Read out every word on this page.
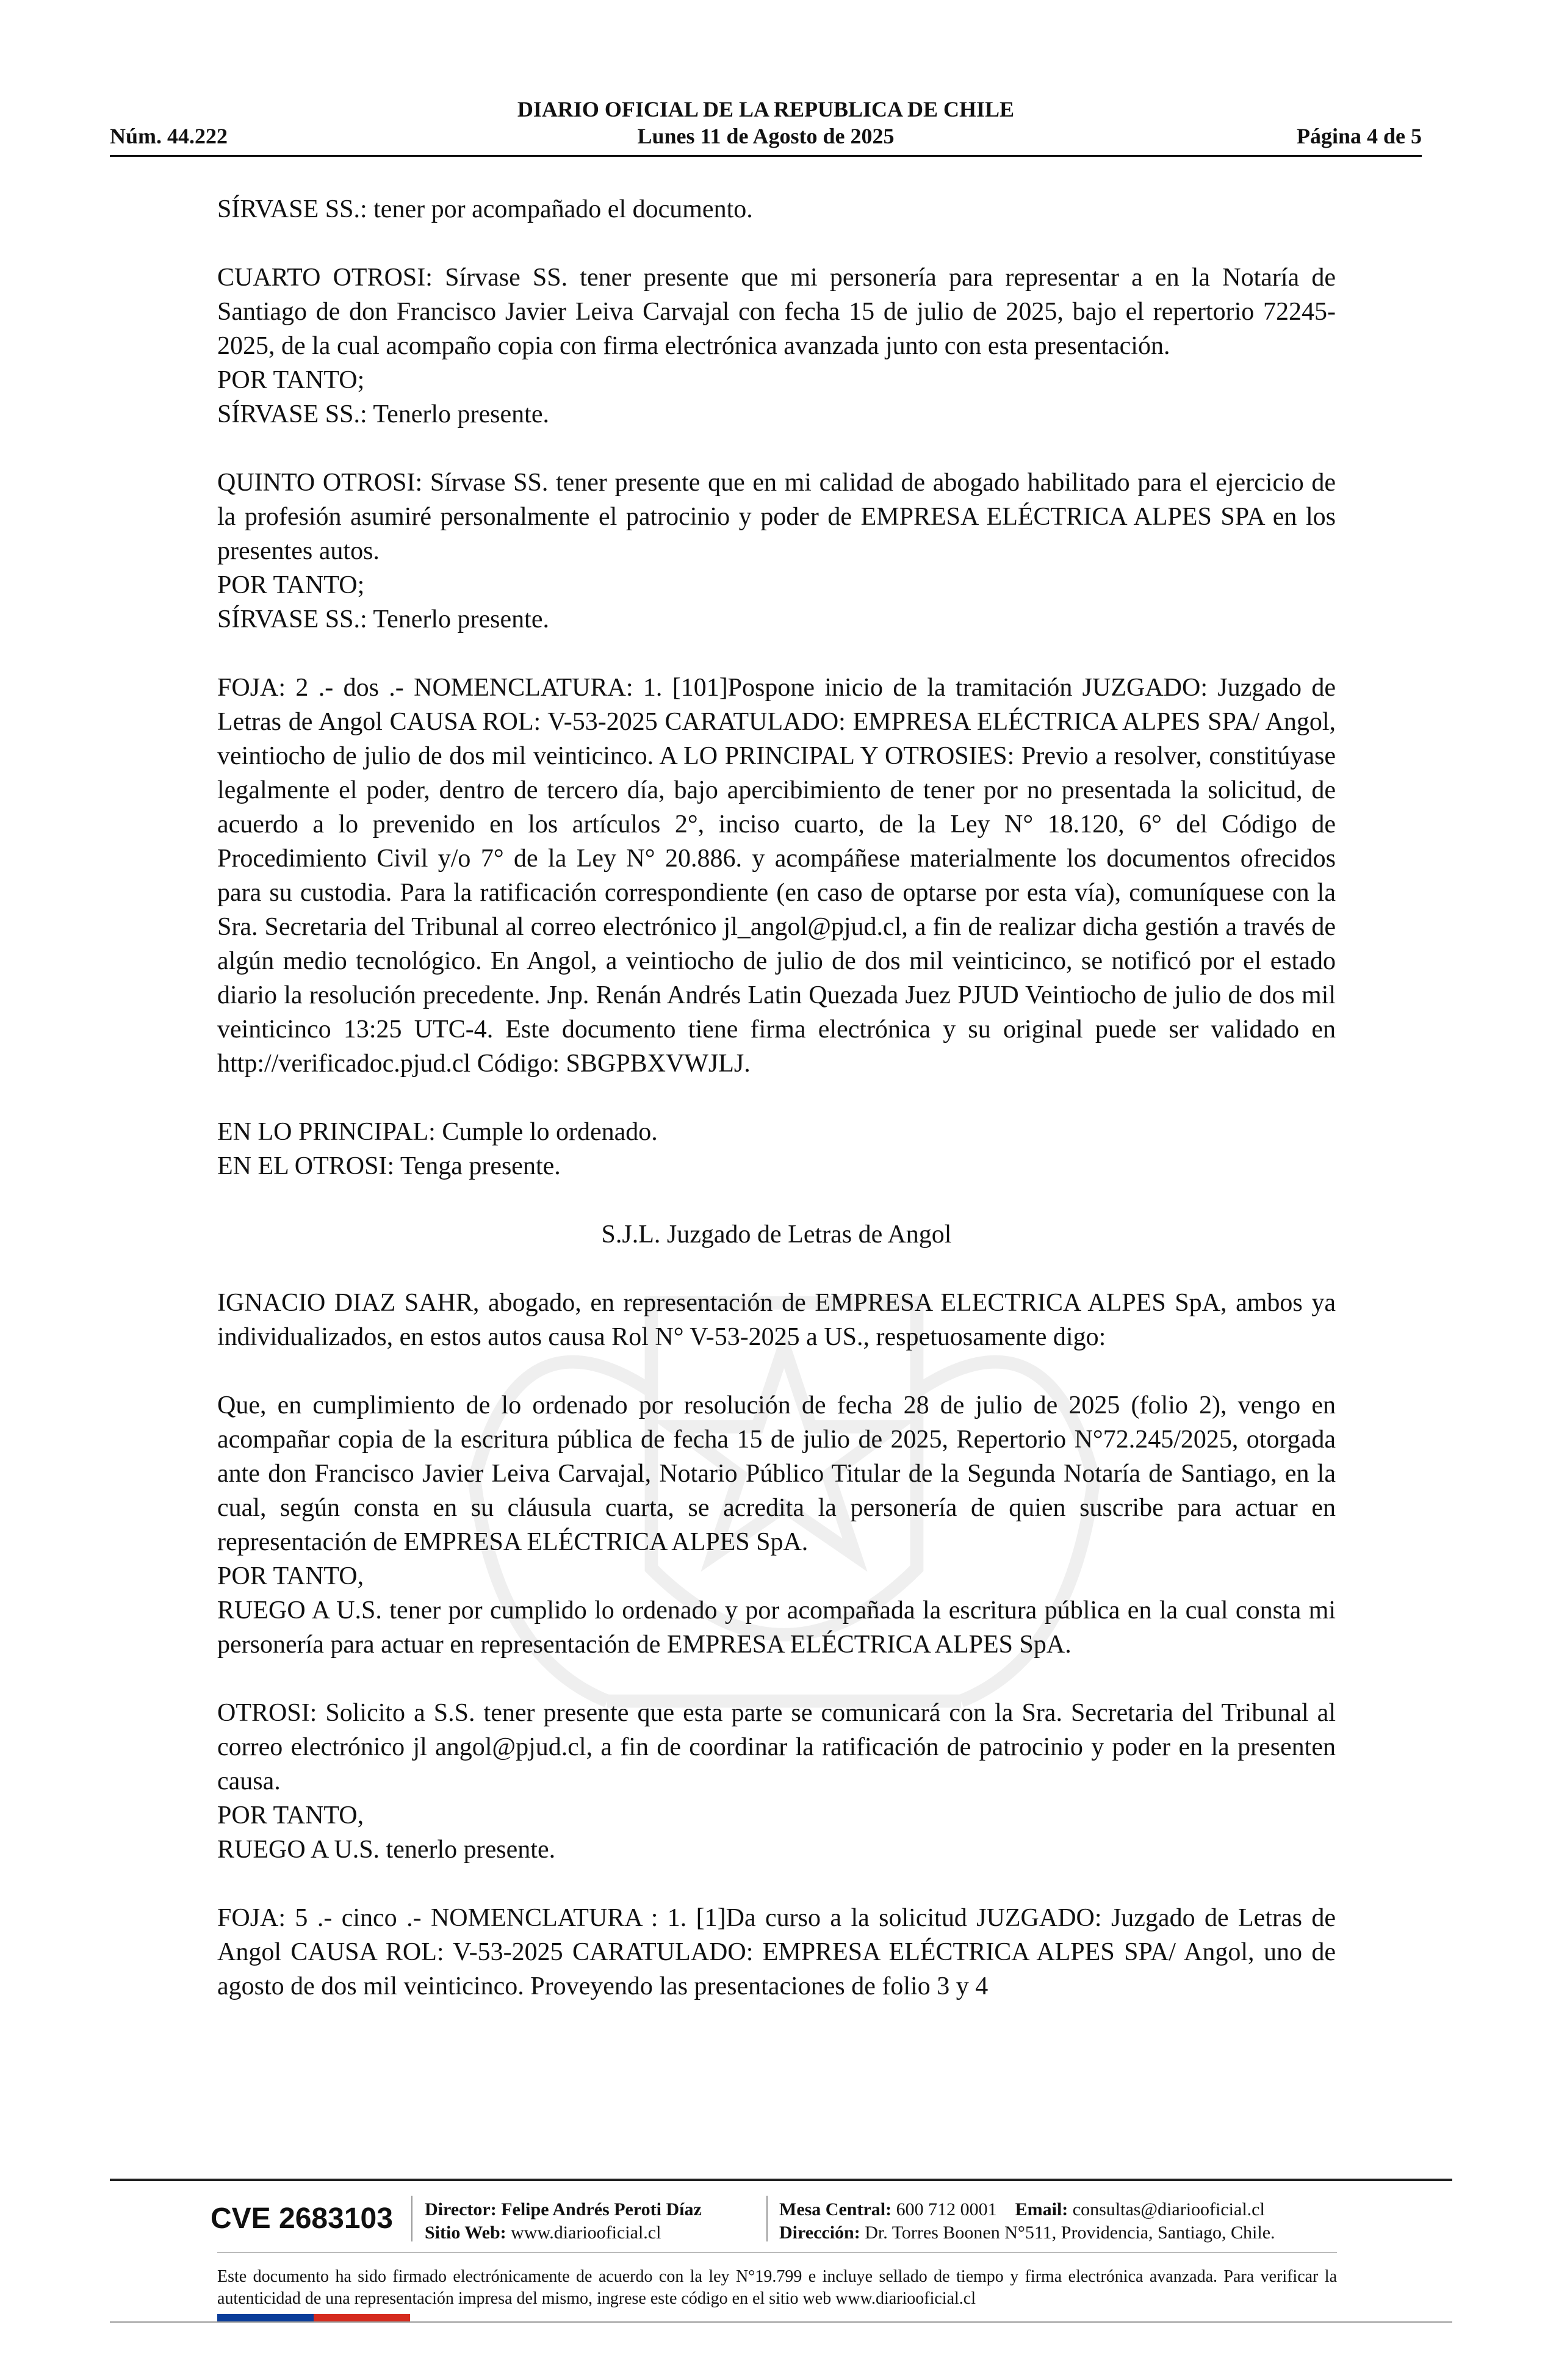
DIARIO OFICIAL DE LA REPUBLICA DE CHILE
Núm. 44.222	Lunes 11 de Agosto de 2025	Página 4 de 5

SÍRVASE SS.: tener por acompañado el documento.

CUARTO OTROSI: Sírvase SS. tener presente que mi personería para representar a en la Notaría de Santiago de don Francisco Javier Leiva Carvajal con fecha 15 de julio de 2025, bajo el repertorio 72245-2025, de la cual acompaño copia con firma electrónica avanzada junto con esta presentación.
POR TANTO;
SÍRVASE SS.: Tenerlo presente.

QUINTO OTROSI: Sírvase SS. tener presente que en mi calidad de abogado habilitado para el ejercicio de la profesión asumiré personalmente el patrocinio y poder de EMPRESA ELÉCTRICA ALPES SPA en los presentes autos.
POR TANTO;
SÍRVASE SS.: Tenerlo presente.

FOJA: 2 .- dos .- NOMENCLATURA: 1. [101]Pospone inicio de la tramitación JUZGADO: Juzgado de Letras de Angol CAUSA ROL: V-53-2025 CARATULADO: EMPRESA ELÉCTRICA ALPES SPA/ Angol, veintiocho de julio de dos mil veinticinco. A LO PRINCIPAL Y OTROSIES: Previo a resolver, constitúyase legalmente el poder, dentro de tercero día, bajo apercibimiento de tener por no presentada la solicitud, de acuerdo a lo prevenido en los artículos 2°, inciso cuarto, de la Ley N° 18.120, 6° del Código de Procedimiento Civil y/o 7° de la Ley N° 20.886. y acompáñese materialmente los documentos ofrecidos para su custodia. Para la ratificación correspondiente (en caso de optarse por esta vía), comuníquese con la Sra. Secretaria del Tribunal al correo electrónico jl_angol@pjud.cl, a fin de realizar dicha gestión a través de algún medio tecnológico. En Angol, a veintiocho de julio de dos mil veinticinco, se notificó por el estado diario la resolución precedente. Jnp. Renán Andrés Latin Quezada Juez PJUD Veintiocho de julio de dos mil veinticinco 13:25 UTC-4. Este documento tiene firma electrónica y su original puede ser validado en http://verificadoc.pjud.cl Código: SBGPBXVWJLJ.

EN LO PRINCIPAL: Cumple lo ordenado.
EN EL OTROSI: Tenga presente.

S.J.L. Juzgado de Letras de Angol

IGNACIO DIAZ SAHR, abogado, en representación de EMPRESA ELECTRICA ALPES SpA, ambos ya individualizados, en estos autos causa Rol N° V-53-2025 a US., respetuosamente digo:

Que, en cumplimiento de lo ordenado por resolución de fecha 28 de julio de 2025 (folio 2), vengo en acompañar copia de la escritura pública de fecha 15 de julio de 2025, Repertorio N°72.245/2025, otorgada ante don Francisco Javier Leiva Carvajal, Notario Público Titular de la Segunda Notaría de Santiago, en la cual, según consta en su cláusula cuarta, se acredita la personería de quien suscribe para actuar en representación de EMPRESA ELÉCTRICA ALPES SpA.
POR TANTO,
RUEGO A U.S. tener por cumplido lo ordenado y por acompañada la escritura pública en la cual consta mi personería para actuar en representación de EMPRESA ELÉCTRICA ALPES SpA.

OTROSI: Solicito a S.S. tener presente que esta parte se comunicará con la Sra. Secretaria del Tribunal al correo electrónico jl angol@pjud.cl, a fin de coordinar la ratificación de patrocinio y poder en la presenten causa.
POR TANTO,
RUEGO A U.S. tenerlo presente.

FOJA: 5 .- cinco .- NOMENCLATURA : 1. [1]Da curso a la solicitud JUZGADO: Juzgado de Letras de Angol CAUSA ROL: V-53-2025 CARATULADO: EMPRESA ELÉCTRICA ALPES SPA/ Angol, uno de agosto de dos mil veinticinco. Proveyendo las presentaciones de folio 3 y 4

CVE 2683103 Director: Felipe Andrés Peroti Díaz
Sitio Web: www.diariooficial.cl
Mesa Central: 600 712 0001 Email: consultas@diariooficial.cl
Dirección: Dr. Torres Boonen N°511, Providencia, Santiago, Chile.
Este documento ha sido firmado electrónicamente de acuerdo con la ley N°19.799 e incluye sellado de tiempo y firma electrónica avanzada. Para verificar la autenticidad de una representación impresa del mismo, ingrese este código en el sitio web www.diariooficial.cl
